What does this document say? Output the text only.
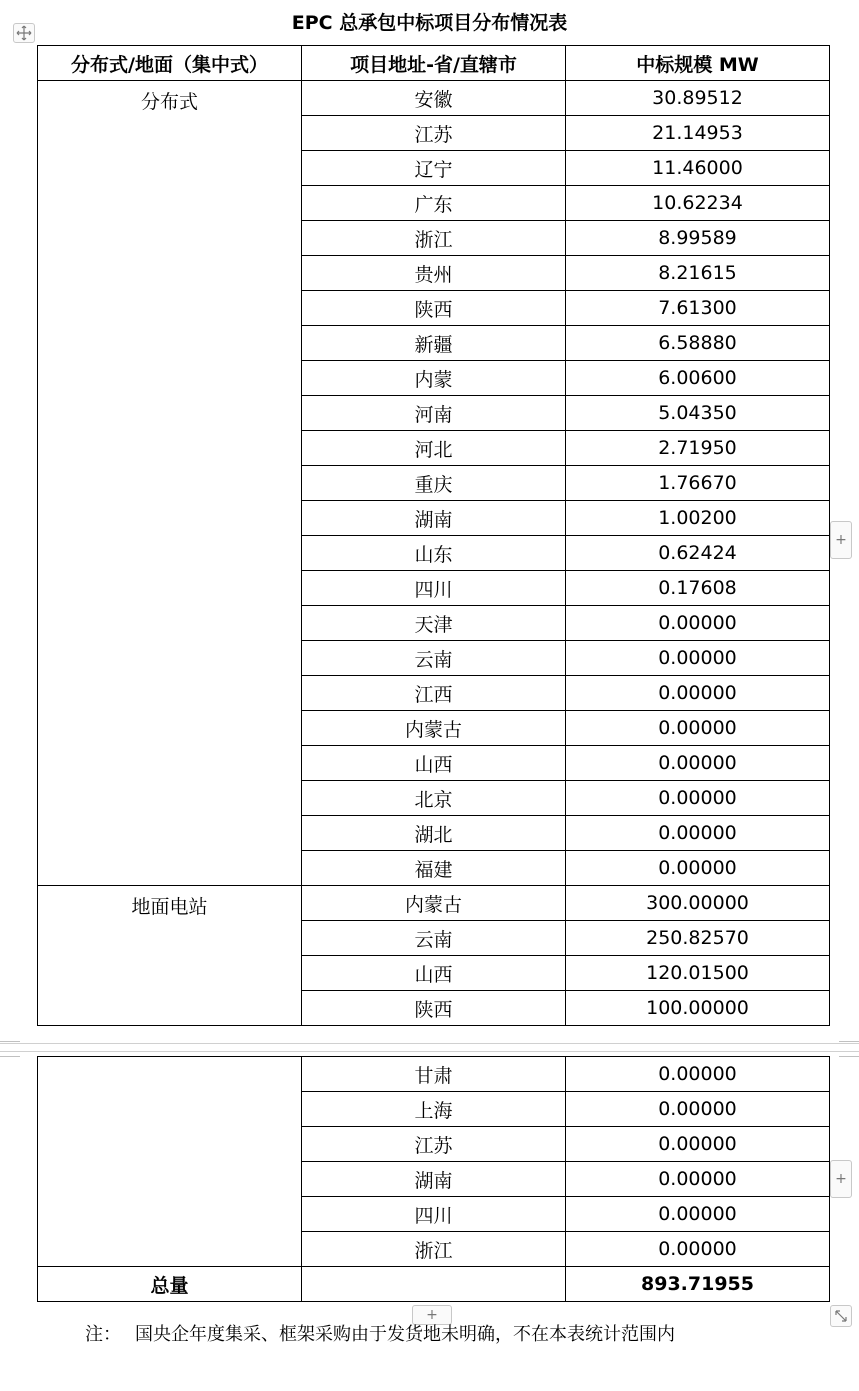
EPC 总承包中标项目分布情况表
分布式/地面（集中式）	项目地址-省/直辖市	中标规模 MW
分布式	安徽	30.89512
	江苏	21.14953
	辽宁	11.46000
	广东	10.62234
	浙江	8.99589
	贵州	8.21615
	陕西	7.61300
	新疆	6.58880
	内蒙	6.00600
	河南	5.04350
	河北	2.71950
	重庆	1.76670
	湖南	1.00200
	山东	0.62424
	四川	0.17608
	天津	0.00000
	云南	0.00000
	江西	0.00000
	内蒙古	0.00000
	山西	0.00000
	北京	0.00000
	湖北	0.00000
	福建	0.00000
地面电站	内蒙古	300.00000
	云南	250.82570
	山西	120.01500
	陕西	100.00000
+
	甘肃	0.00000
	上海	0.00000
	江苏	0.00000
	湖南	0.00000
	四川	0.00000
	浙江	0.00000
总量		893.71955
+
+
注： 国央企年度集采、框架采购由于发货地未明确，不在本表统计范围内
